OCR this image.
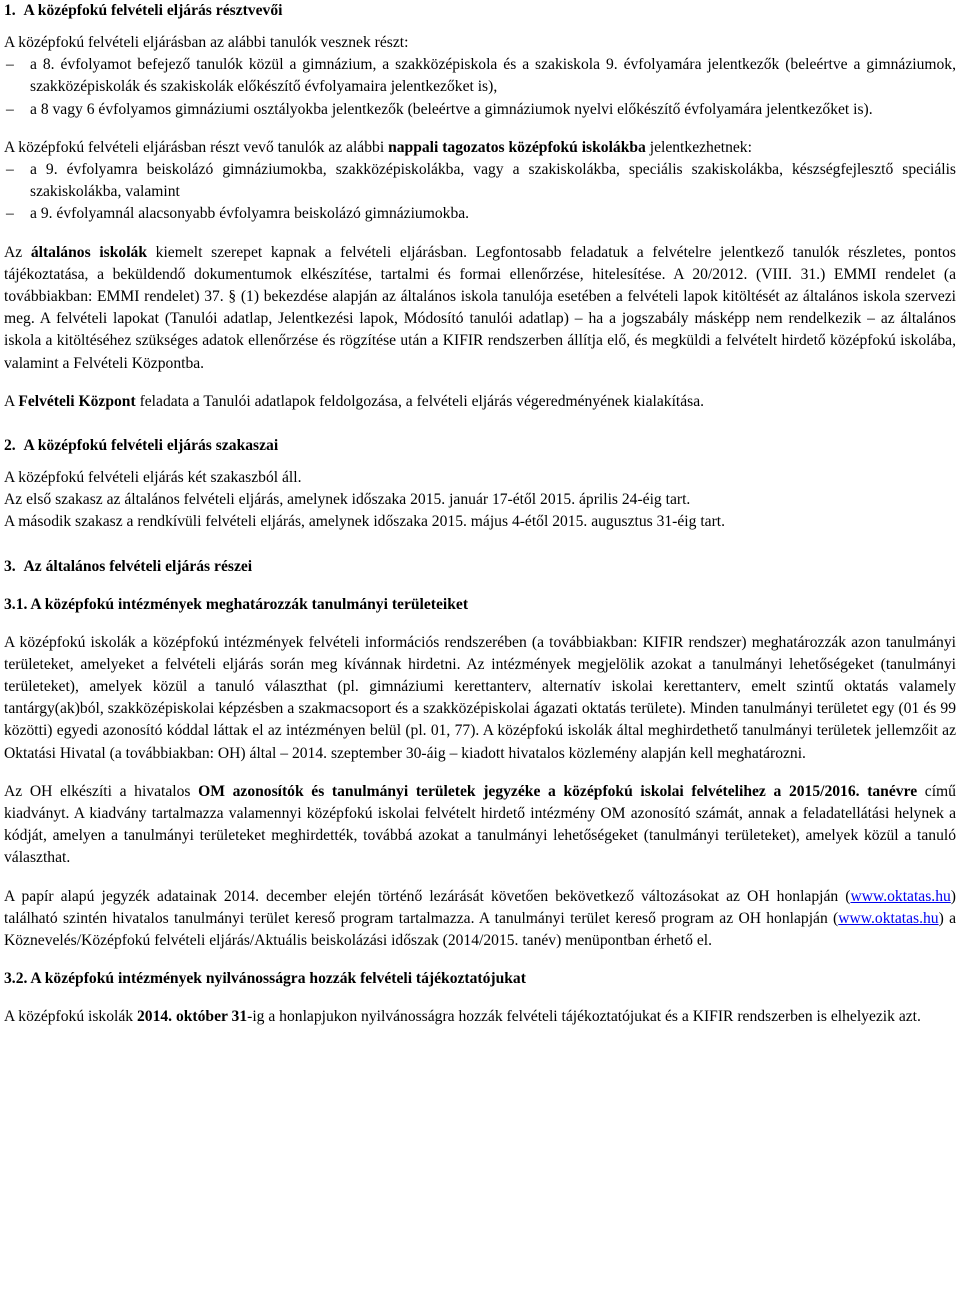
1.  A középfokú felvételi eljárás résztvevői

A középfokú felvételi eljárásban az alábbi tanulók vesznek részt:

– a 8. évfolyamot befejező tanulók közül a gimnázium, a szakközépiskola és a szakiskola 9. évfolyamára jelentkezők (beleértve a gimnáziumok, szakközépiskolák és szakiskolák előkészítő évfolyamaira jelentkezőket is),
– a 8 vagy 6 évfolyamos gimnáziumi osztályokba jelentkezők (beleértve a gimnáziumok nyelvi előkészítő évfolyamára jelentkezőket is).

A középfokú felvételi eljárásban részt vevő tanulók az alábbi nappali tagozatos középfokú iskolákba jelentkezhetnek:

– a 9. évfolyamra beiskolázó gimnáziumokba, szakközépiskolákba, vagy a szakiskolákba, speciális szakiskolákba, készségfejlesztő speciális szakiskolákba, valamint
– a 9. évfolyamnál alacsonyabb évfolyamra beiskolázó gimnáziumokba.

Az általános iskolák kiemelt szerepet kapnak a felvételi eljárásban. Legfontosabb feladatuk a felvételre jelentkező tanulók részletes, pontos tájékoztatása, a beküldendő dokumentumok elkészítése, tartalmi és formai ellenőrzése, hitelesítése. A 20/2012. (VIII. 31.) EMMI rendelet (a továbbiakban: EMMI rendelet) 37. § (1) bekezdése alapján az általános iskola tanulója esetében a felvételi lapok kitöltését az általános iskola szervezi meg. A felvételi lapokat (Tanulói adatlap, Jelentkezési lapok, Módosító tanulói adatlap) – ha a jogszabály másképp nem rendelkezik – az általános iskola a kitöltéséhez szükséges adatok ellenőrzése és rögzítése után a KIFIR rendszerben állítja elő, és megküldi a felvételt hirdető középfokú iskolába, valamint a Felvételi Központba.

A Felvételi Központ feladata a Tanulói adatlapok feldolgozása, a felvételi eljárás végeredményének kialakítása.

2.  A középfokú felvételi eljárás szakaszai

A középfokú felvételi eljárás két szakaszból áll.

Az első szakasz az általános felvételi eljárás, amelynek időszaka 2015. január 17-étől 2015. április 24-éig tart.

A második szakasz a rendkívüli felvételi eljárás, amelynek időszaka 2015. május 4-étől 2015. augusztus 31-éig tart.

3.  Az általános felvételi eljárás részei
3.1. A középfokú intézmények meghatározzák tanulmányi területeiket

A középfokú iskolák a középfokú intézmények felvételi információs rendszerében (a továbbiakban: KIFIR rendszer) meghatározzák azon tanulmányi területeket, amelyeket a felvételi eljárás során meg kívánnak hirdetni. Az intézmények megjelölik azokat a tanulmányi lehetőségeket (tanulmányi területeket), amelyek közül a tanuló választhat (pl. gimnáziumi kerettanterv, alternatív iskolai kerettanterv, emelt szintű oktatás valamely tantárgy(ak)ból, szakközépiskolai képzésben a szakmacsoport és a szakközépiskolai ágazati oktatás területe). Minden tanulmányi területet egy (01 és 99 közötti) egyedi azonosító kóddal láttak el az intézményen belül (pl. 01, 77). A középfokú iskolák által meghirdethető tanulmányi területek jellemzőit az Oktatási Hivatal (a továbbiakban: OH) által – 2014. szeptember 30-áig – kiadott hivatalos közlemény alapján kell meghatározni.

Az OH elkészíti a hivatalos OM azonosítók és tanulmányi területek jegyzéke a középfokú iskolai felvételihez a 2015/2016. tanévre című kiadványt. A kiadvány tartalmazza valamennyi középfokú iskolai felvételt hirdető intézmény OM azonosító számát, annak a feladatellátási helynek a kódját, amelyen a tanulmányi területeket meghirdették, továbbá azokat a tanulmányi lehetőségeket (tanulmányi területeket), amelyek közül a tanuló választhat.

A papír alapú jegyzék adatainak 2014. december elején történő lezárását követően bekövetkező változásokat az OH honlapján (www.oktatas.hu) található szintén hivatalos tanulmányi terület kereső program tartalmazza. A tanulmányi terület kereső program az OH honlapján (www.oktatas.hu) a Köznevelés/Középfokú felvételi eljárás/Aktuális beiskolázási időszak (2014/2015. tanév) menüpontban érhető el.

3.2. A középfokú intézmények nyilvánosságra hozzák felvételi tájékoztatójukat

A középfokú iskolák 2014. október 31-ig a honlapjukon nyilvánosságra hozzák felvételi tájékoztatójukat és a KIFIR rendszerben is elhelyezik azt.
